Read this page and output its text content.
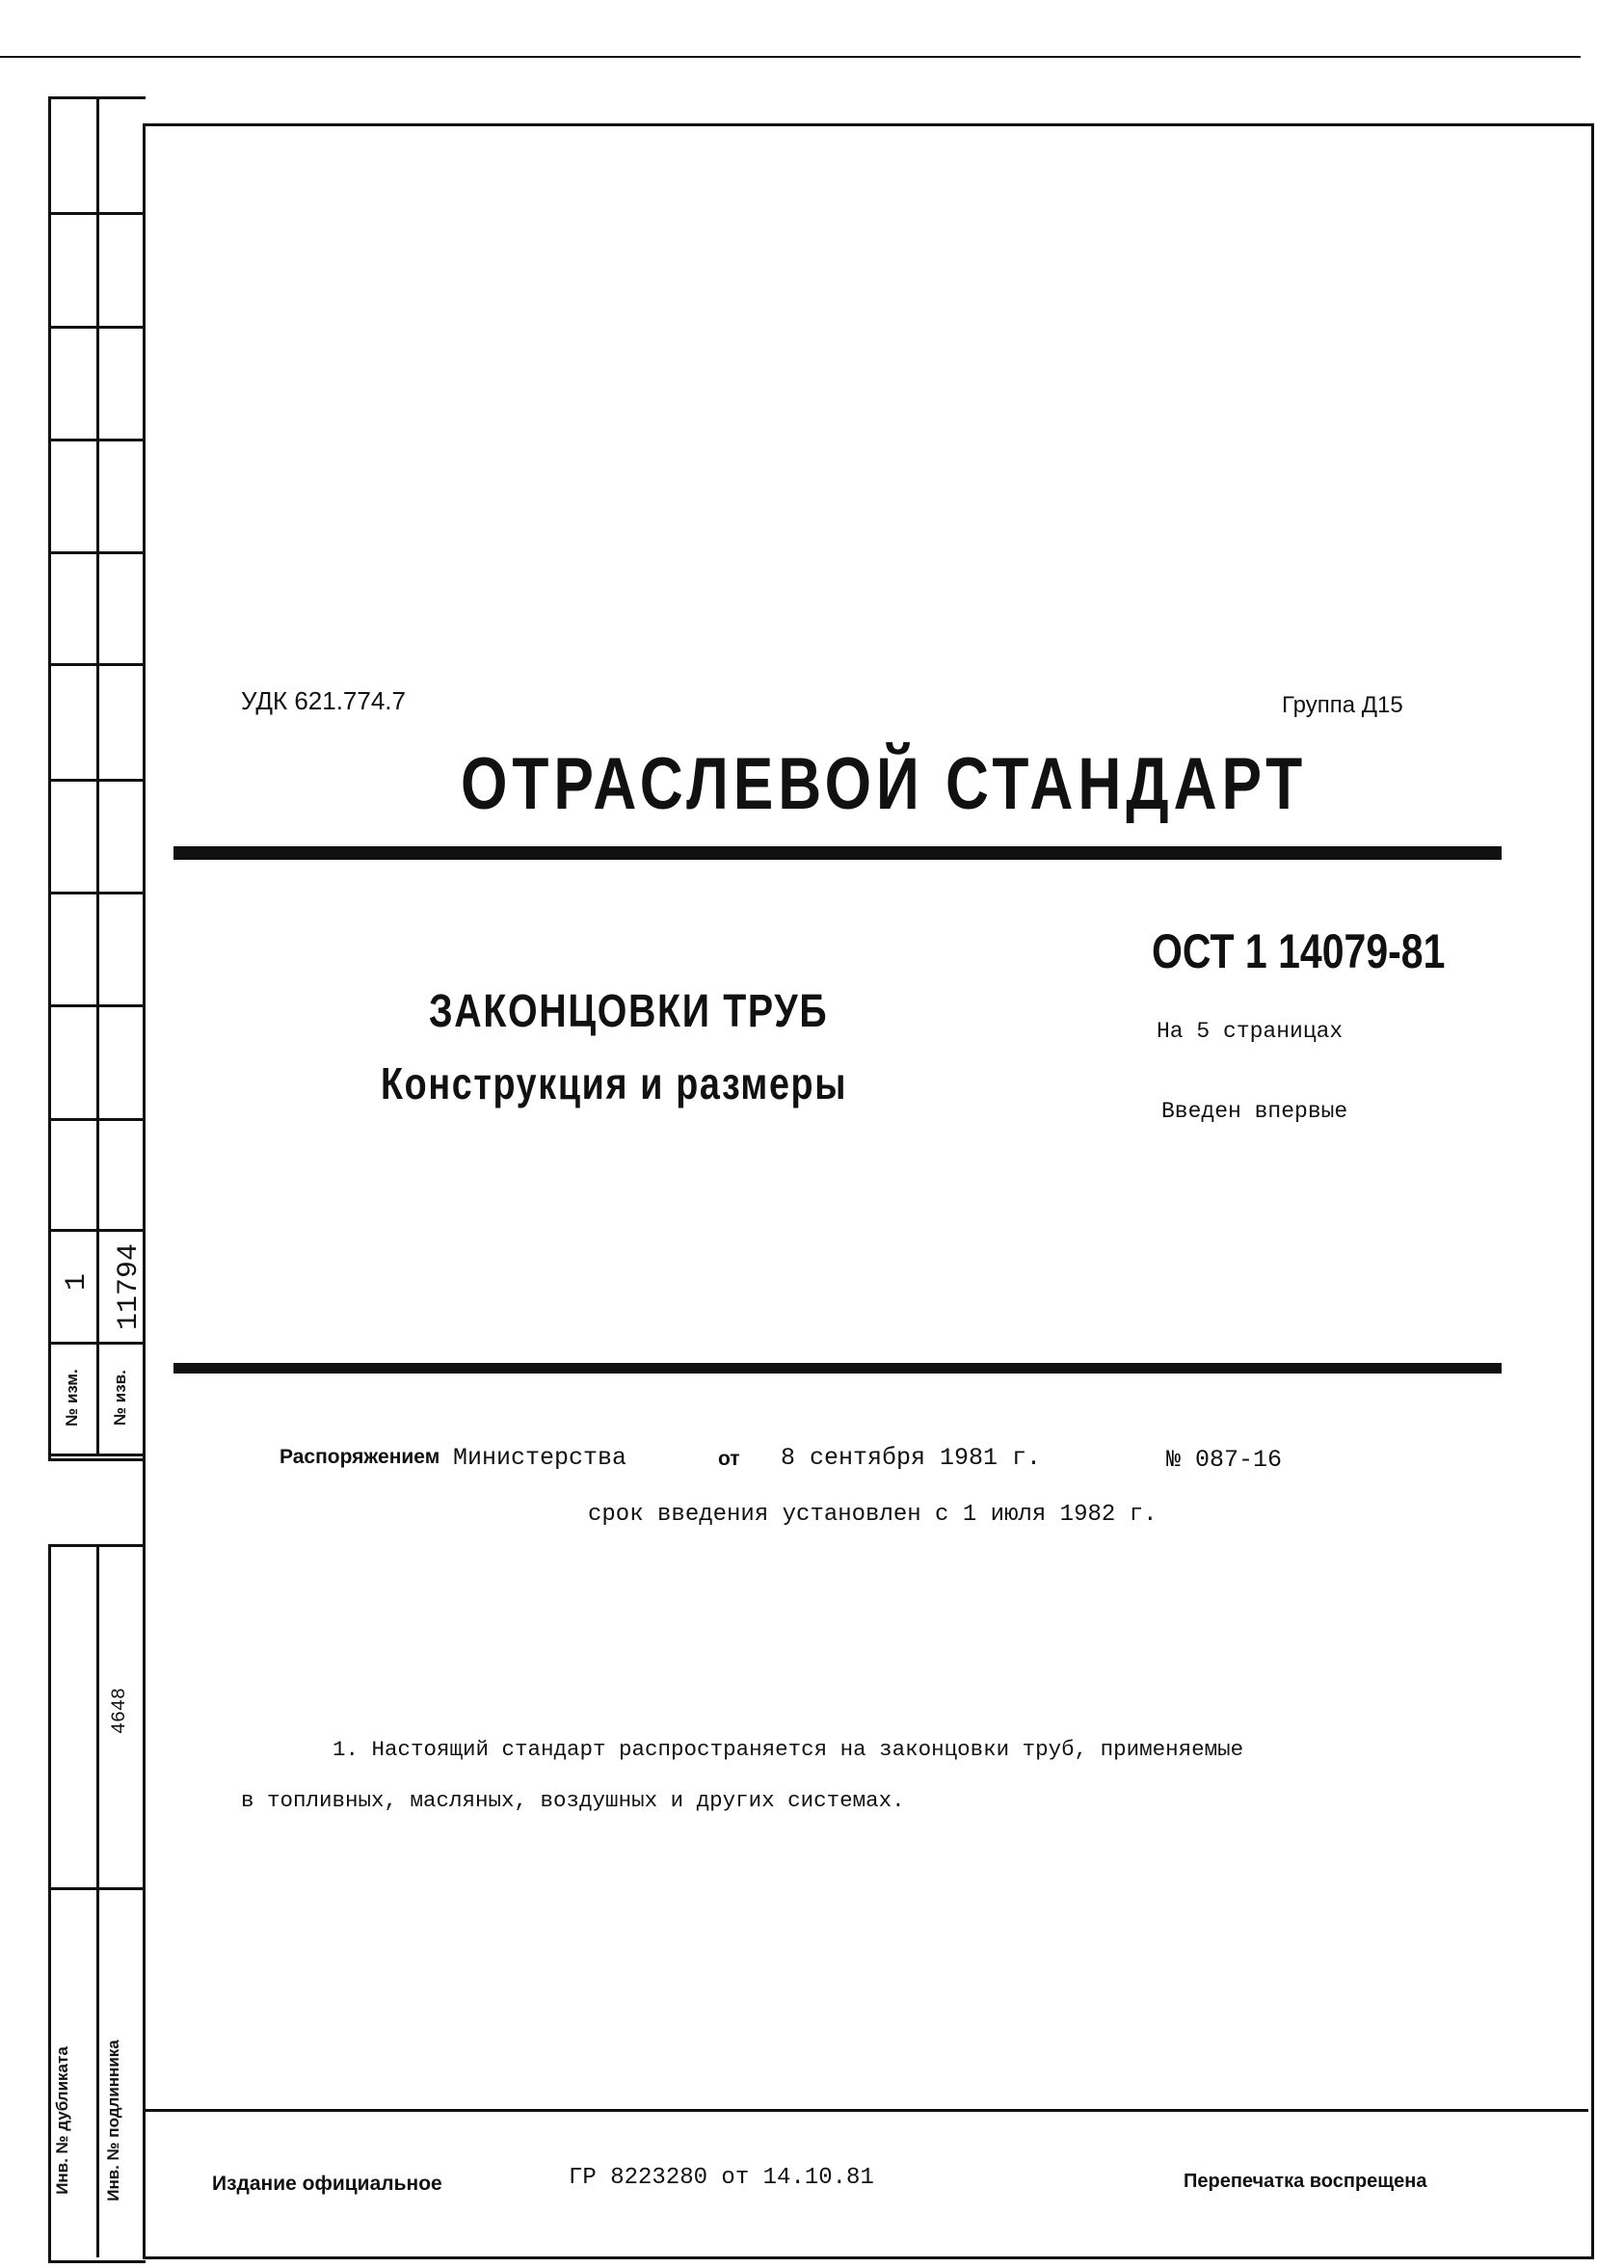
1 11794
№ изм.	№ изв.
4648
Инв. № дубликата	Инв. № подлинника
УДК 621.774.7	Группа Д15
ОТРАСЛЕВОЙ СТАНДАРТ
ОСТ 1 14079-81
ЗАКОНЦОВКИ ТРУБ
Конструкция и размеры
На 5 страницах
Введен впервые
Распоряжением Министерства	от 8 сентября 1981 г.	№ 087-16
срок введения установлен с 1 июля 1982 г.
1. Настоящий стандарт распространяется на законцовки труб, применяемые
в топливных, масляных, воздушных и других системах.
Издание официальное	ГР 8223280 от 14.10.81	Перепечатка воспрещена
